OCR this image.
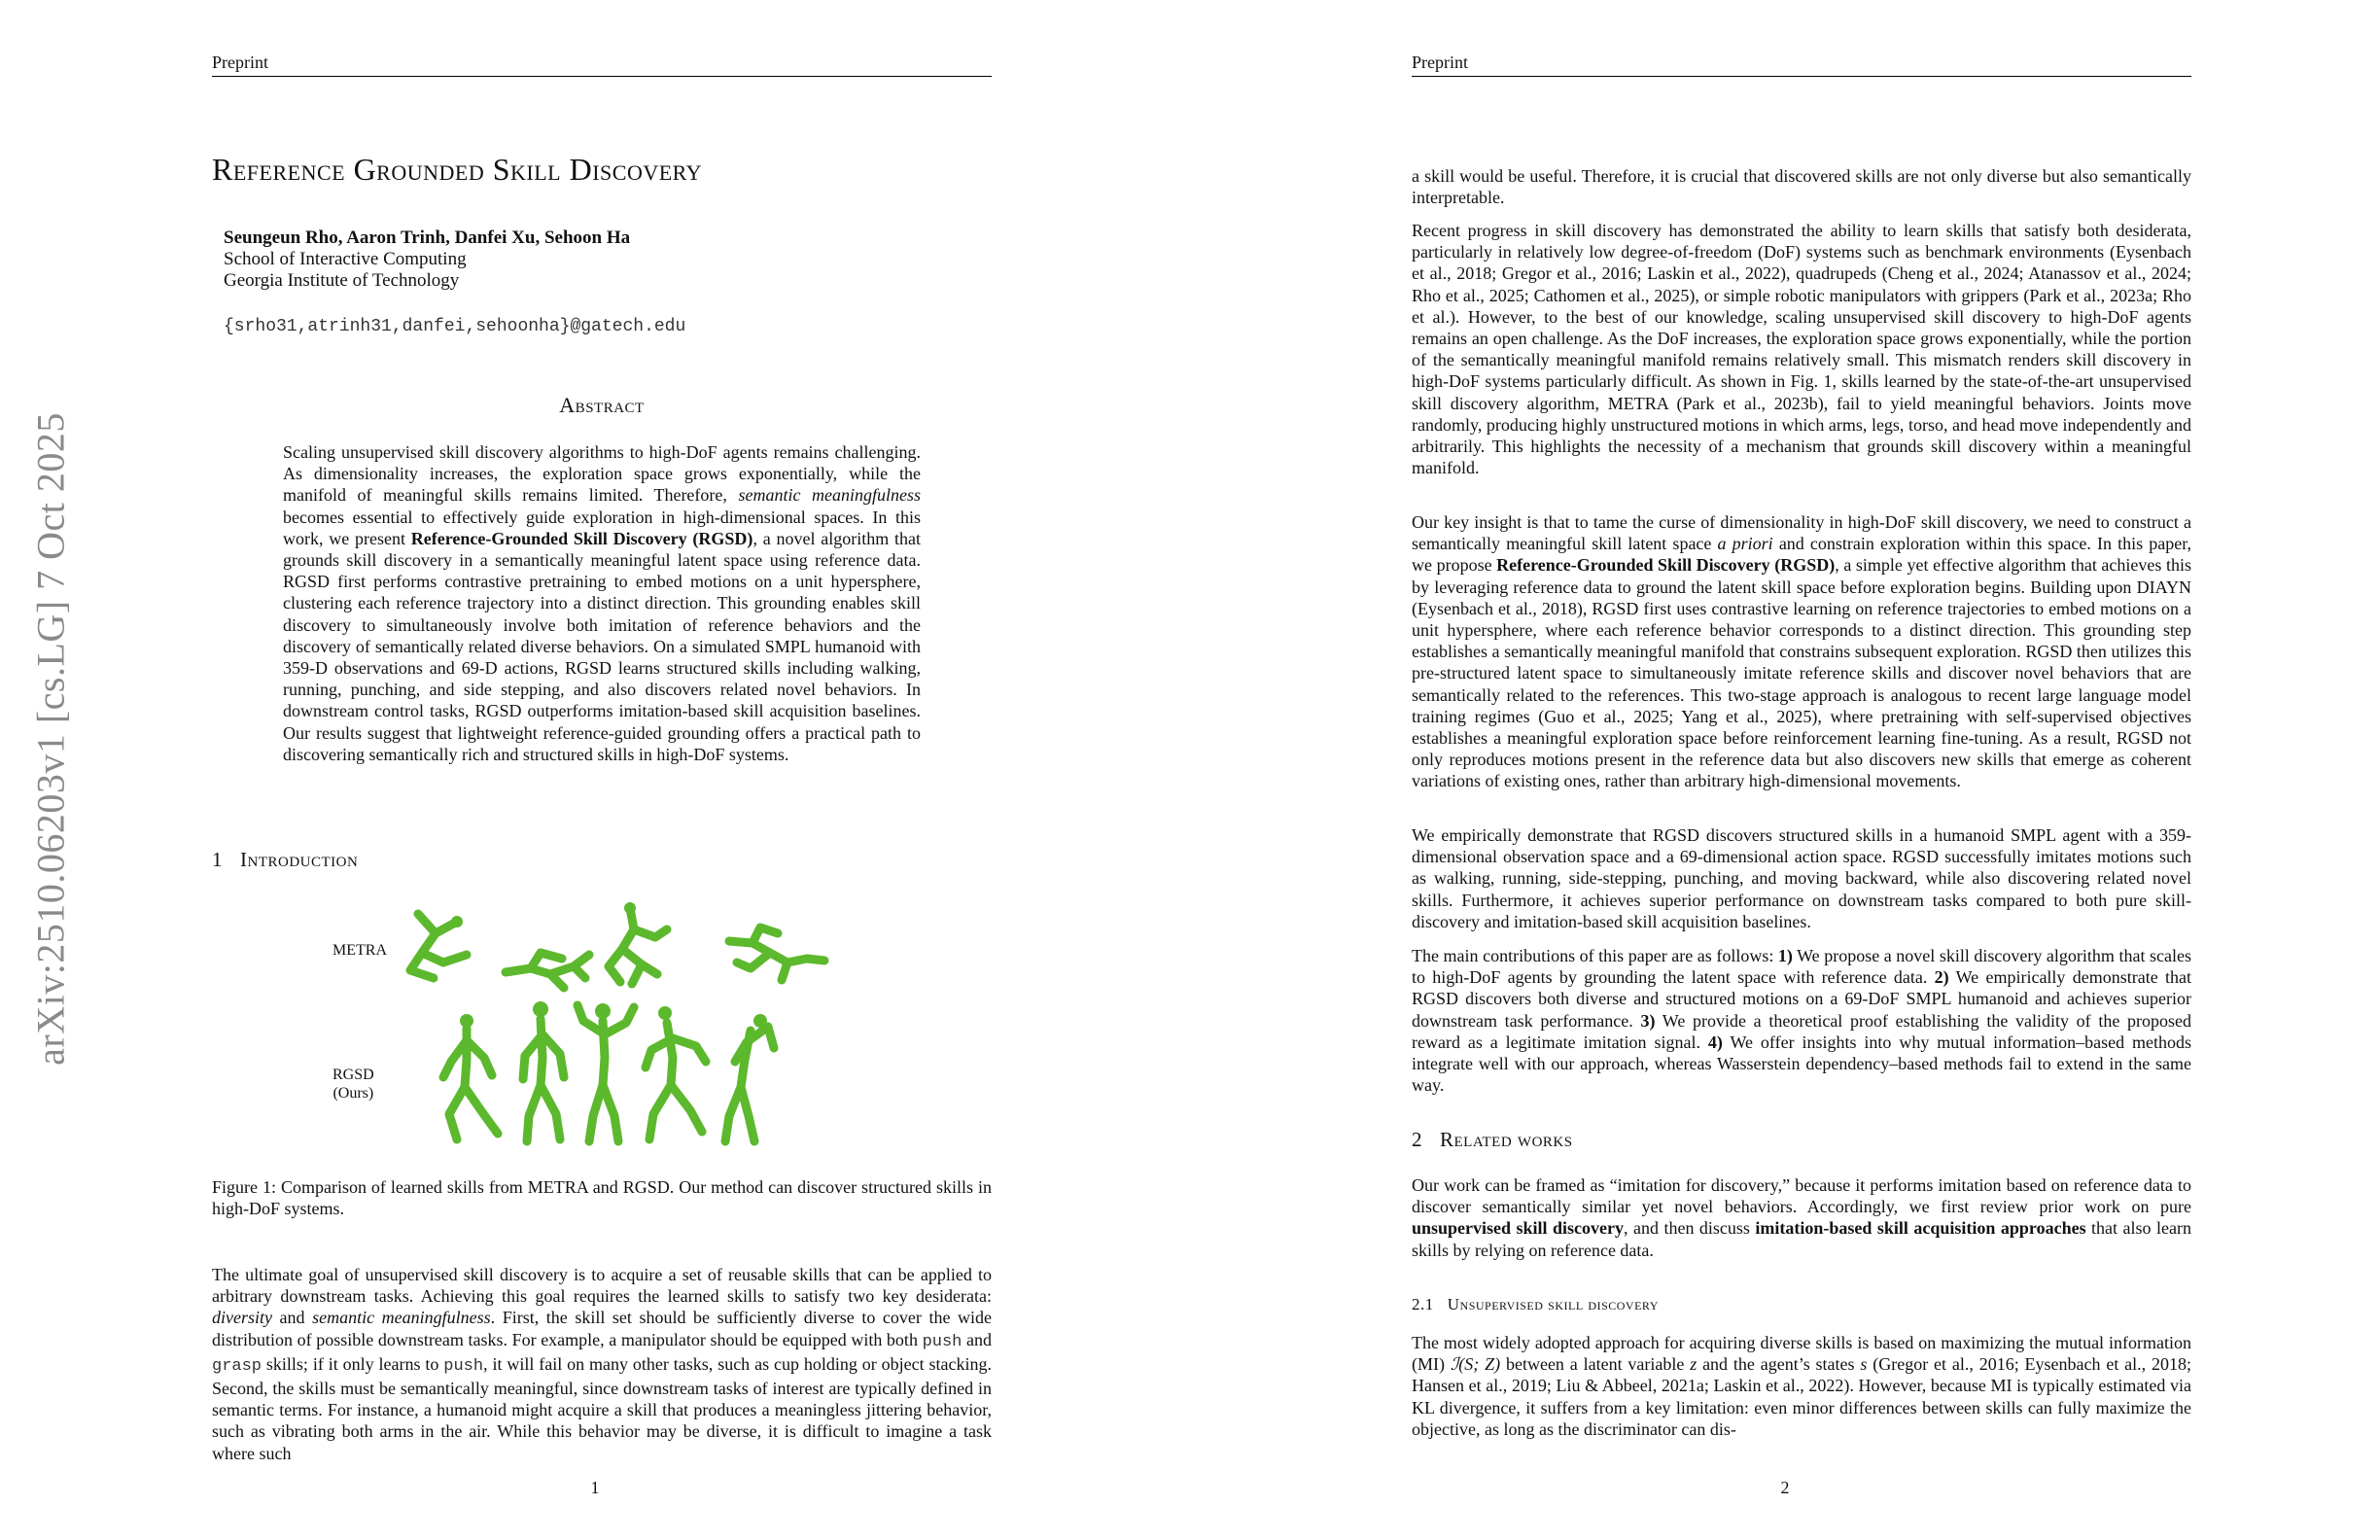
Preprint
arXiv:2510.06203v1 [cs.LG] 7 Oct 2025
Reference Grounded Skill Discovery
Seungeun Rho, Aaron Trinh, Danfei Xu, Sehoon Ha
School of Interactive Computing
Georgia Institute of Technology
{srho31,atrinh31,danfei,sehoonha}@gatech.edu
Abstract
Scaling unsupervised skill discovery algorithms to high-DoF agents remains challenging. As dimensionality increases, the exploration space grows exponentially, while the manifold of meaningful skills remains limited. Therefore, semantic meaningfulness becomes essential to effectively guide exploration in high-dimensional spaces. In this work, we present Reference-Grounded Skill Discovery (RGSD), a novel algorithm that grounds skill discovery in a semantically meaningful latent space using reference data. RGSD first performs contrastive pretraining to embed motions on a unit hypersphere, clustering each reference trajectory into a distinct direction. This grounding enables skill discovery to simultaneously involve both imitation of reference behaviors and the discovery of semantically related diverse behaviors. On a simulated SMPL humanoid with 359-D observations and 69-D actions, RGSD learns structured skills including walking, running, punching, and side stepping, and also discovers related novel behaviors. In downstream control tasks, RGSD outperforms imitation-based skill acquisition baselines. Our results suggest that lightweight reference-guided grounding offers a practical path to discovering semantically rich and structured skills in high-DoF systems.
1 Introduction
METRA
RGSD
(Ours)
Figure 1: Comparison of learned skills from METRA and RGSD. Our method can discover structured skills in high-DoF systems.
The ultimate goal of unsupervised skill discovery is to acquire a set of reusable skills that can be applied to arbitrary downstream tasks. Achieving this goal requires the learned skills to satisfy two key desiderata: diversity and semantic meaningfulness. First, the skill set should be sufficiently diverse to cover the wide distribution of possible downstream tasks. For example, a manipulator should be equipped with both push and grasp skills; if it only learns to push, it will fail on many other tasks, such as cup holding or object stacking. Second, the skills must be semantically meaningful, since downstream tasks of interest are typically defined in semantic terms. For instance, a humanoid might acquire a skill that produces a meaningless jittering behavior, such as vibrating both arms in the air. While this behavior may be diverse, it is difficult to imagine a task where such
1
Preprint
a skill would be useful. Therefore, it is crucial that discovered skills are not only diverse but also semantically interpretable.
Recent progress in skill discovery has demonstrated the ability to learn skills that satisfy both desiderata, particularly in relatively low degree-of-freedom (DoF) systems such as benchmark environments (Eysenbach et al., 2018; Gregor et al., 2016; Laskin et al., 2022), quadrupeds (Cheng et al., 2024; Atanassov et al., 2024; Rho et al., 2025; Cathomen et al., 2025), or simple robotic manipulators with grippers (Park et al., 2023a; Rho et al.). However, to the best of our knowledge, scaling unsupervised skill discovery to high-DoF agents remains an open challenge. As the DoF increases, the exploration space grows exponentially, while the portion of the semantically meaningful manifold remains relatively small. This mismatch renders skill discovery in high-DoF systems particularly difficult. As shown in Fig. 1, skills learned by the state-of-the-art unsupervised skill discovery algorithm, METRA (Park et al., 2023b), fail to yield meaningful behaviors. Joints move randomly, producing highly unstructured motions in which arms, legs, torso, and head move independently and arbitrarily. This highlights the necessity of a mechanism that grounds skill discovery within a meaningful manifold.
Our key insight is that to tame the curse of dimensionality in high-DoF skill discovery, we need to construct a semantically meaningful skill latent space a priori and constrain exploration within this space. In this paper, we propose Reference-Grounded Skill Discovery (RGSD), a simple yet effective algorithm that achieves this by leveraging reference data to ground the latent skill space before exploration begins. Building upon DIAYN (Eysenbach et al., 2018), RGSD first uses contrastive learning on reference trajectories to embed motions on a unit hypersphere, where each reference behavior corresponds to a distinct direction. This grounding step establishes a semantically meaningful manifold that constrains subsequent exploration. RGSD then utilizes this pre-structured latent space to simultaneously imitate reference skills and discover novel behaviors that are semantically related to the references. This two-stage approach is analogous to recent large language model training regimes (Guo et al., 2025; Yang et al., 2025), where pretraining with self-supervised objectives establishes a meaningful exploration space before reinforcement learning fine-tuning. As a result, RGSD not only reproduces motions present in the reference data but also discovers new skills that emerge as coherent variations of existing ones, rather than arbitrary high-dimensional movements.
We empirically demonstrate that RGSD discovers structured skills in a humanoid SMPL agent with a 359-dimensional observation space and a 69-dimensional action space. RGSD successfully imitates motions such as walking, running, side-stepping, punching, and moving backward, while also discovering related novel skills. Furthermore, it achieves superior performance on downstream tasks compared to both pure skill-discovery and imitation-based skill acquisition baselines.
The main contributions of this paper are as follows: 1) We propose a novel skill discovery algorithm that scales to high-DoF agents by grounding the latent space with reference data. 2) We empirically demonstrate that RGSD discovers both diverse and structured motions on a 69-DoF SMPL humanoid and achieves superior downstream task performance. 3) We provide a theoretical proof establishing the validity of the proposed reward as a legitimate imitation signal. 4) We offer insights into why mutual information–based methods integrate well with our approach, whereas Wasserstein dependency–based methods fail to extend in the same way.
2 Related works
Our work can be framed as “imitation for discovery,” because it performs imitation based on reference data to discover semantically similar yet novel behaviors. Accordingly, we first review prior work on pure unsupervised skill discovery, and then discuss imitation-based skill acquisition approaches that also learn skills by relying on reference data.
2.1 Unsupervised skill discovery
The most widely adopted approach for acquiring diverse skills is based on maximizing the mutual information (MI) ℐ(S; Z) between a latent variable z and the agent’s states s (Gregor et al., 2016; Eysenbach et al., 2018; Hansen et al., 2019; Liu & Abbeel, 2021a; Laskin et al., 2022). However, because MI is typically estimated via KL divergence, it suffers from a key limitation: even minor differences between skills can fully maximize the objective, as long as the discriminator can dis-
2
